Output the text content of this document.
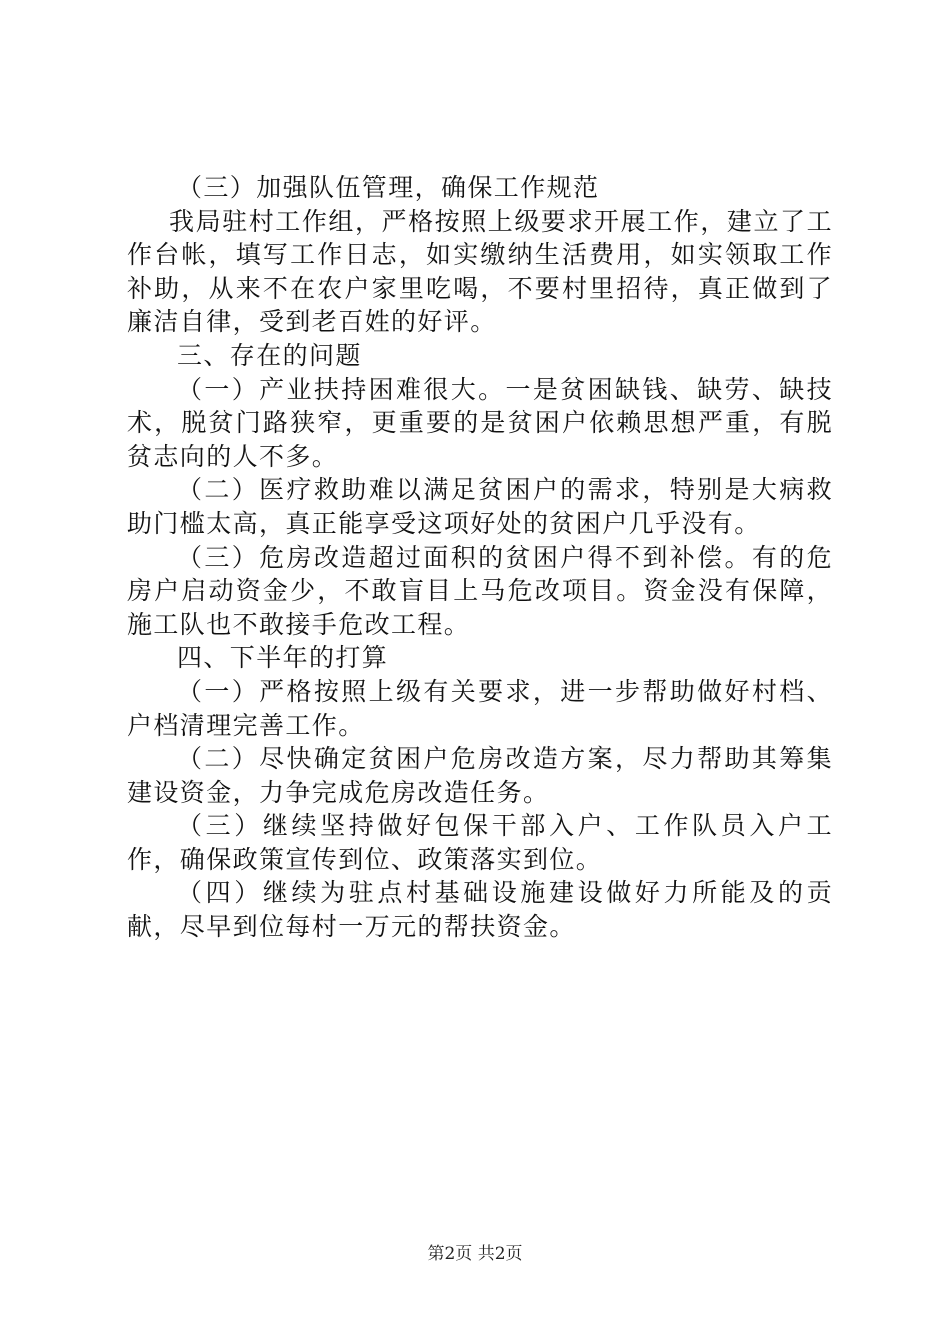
（三）加强队伍管理，确保工作规范

我局驻村工作组，严格按照上级要求开展工作，建立了工作台帐，填写工作日志，如实缴纳生活费用，如实领取工作补助，从来不在农户家里吃喝，不要村里招待，真正做到了廉洁自律，受到老百姓的好评。

三、存在的问题

（一）产业扶持困难很大。一是贫困缺钱、缺劳、缺技术，脱贫门路狭窄，更重要的是贫困户依赖思想严重，有脱贫志向的人不多。

（二）医疗救助难以满足贫困户的需求，特别是大病救助门槛太高，真正能享受这项好处的贫困户几乎没有。

（三）危房改造超过面积的贫困户得不到补偿。有的危房户启动资金少，不敢盲目上马危改项目。资金没有保障，施工队也不敢接手危改工程。

四、下半年的打算

（一）严格按照上级有关要求，进一步帮助做好村档、户档清理完善工作。

（二）尽快确定贫困户危房改造方案，尽力帮助其筹集建设资金，力争完成危房改造任务。

（三）继续坚持做好包保干部入户、工作队员入户工作，确保政策宣传到位、政策落实到位。

（四）继续为驻点村基础设施建设做好力所能及的贡献，尽早到位每村一万元的帮扶资金。

第2页 共2页
